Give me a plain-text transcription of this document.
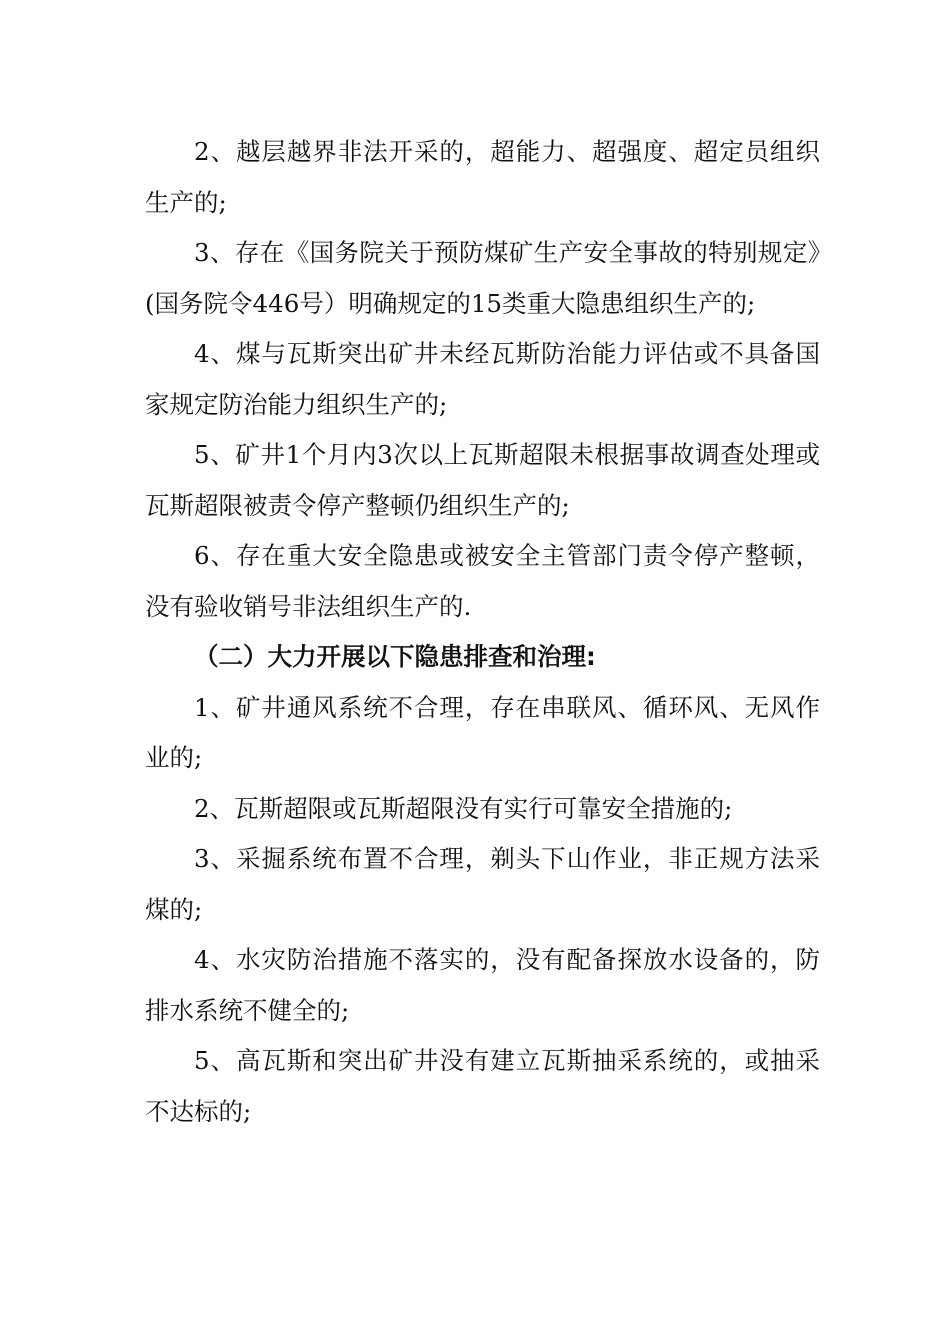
2、越层越界非法开采的，超能力、超强度、超定员组织生产的;

3、存在《国务院关于预防煤矿生产安全事故的特别规定》(国务院令446号）明确规定的15类重大隐患组织生产的;

4、煤与瓦斯突出矿井未经瓦斯防治能力评估或不具备国家规定防治能力组织生产的;

5、矿井1个月内3次以上瓦斯超限未根据事故调查处理或瓦斯超限被责令停产整顿仍组织生产的;

6、存在重大安全隐患或被安全主管部门责令停产整顿，没有验收销号非法组织生产的.

（二）大力开展以下隐患排查和治理:

1、矿井通风系统不合理，存在串联风、循环风、无风作业的;

2、瓦斯超限或瓦斯超限没有实行可靠安全措施的;

3、采掘系统布置不合理，剃头下山作业，非正规方法采煤的;

4、水灾防治措施不落实的，没有配备探放水设备的，防排水系统不健全的;

5、高瓦斯和突出矿井没有建立瓦斯抽采系统的，或抽采不达标的;
